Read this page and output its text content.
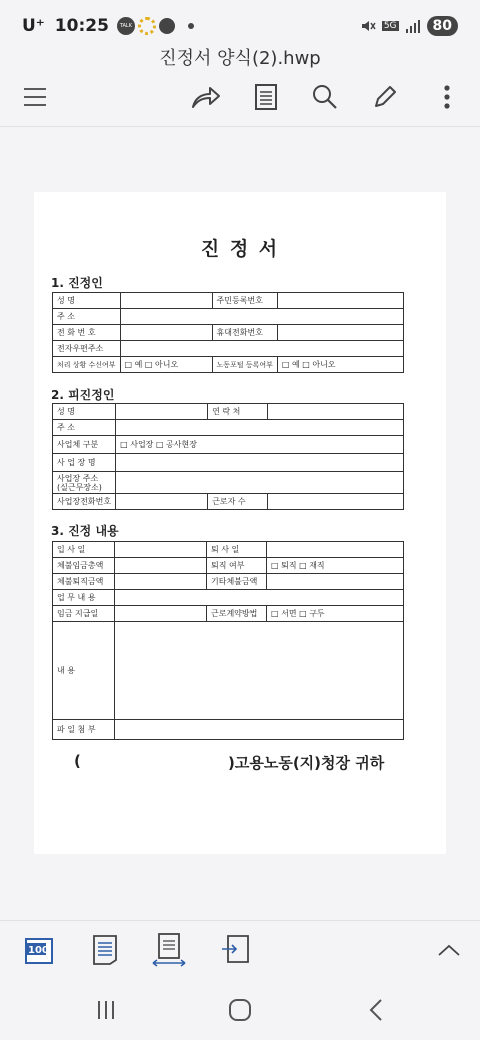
U⁺ 10:25 TALK	5G	80
진정서 양식(2).hwp
진 정 서
1. 진정인
성 명		주민등록번호	
주 소			
전 화 번 호		휴대전화번호	
전자우편주소			
처리 상황 수신여부	□ 예 □ 아니오	노동포털 등록여부	□ 예 □ 아니오
2. 피진정인
성 명		연 락 처	
주 소			
사업체 구분	□ 사업장 □ 공사현장		
사 업 장 명			
사업장 주소 (실근무장소)			
사업장전화번호		근로자 수	
3. 진정 내용
입 사 일		퇴 사 일	
체불임금총액		퇴직 여부	□ 퇴직 □ 재직
체불퇴직금액		기타체불금액	
업 무 내 용			
임금 지급일		근로계약방법	□ 서면 □ 구두
내 용			
파 일 첨 부			
(	)고용노동(지)청장 귀하
100
